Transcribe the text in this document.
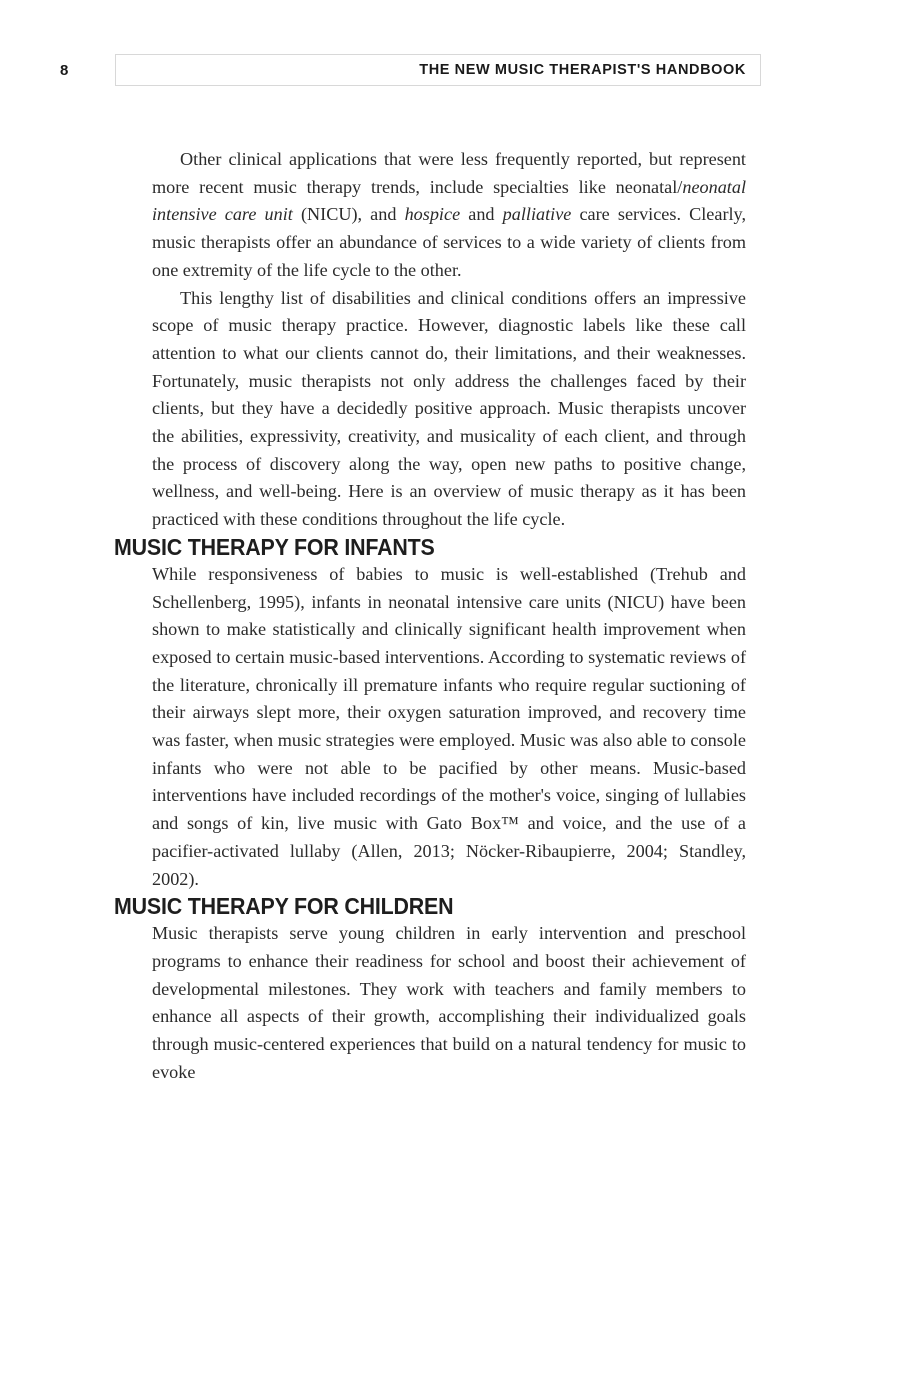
8	THE NEW MUSIC THERAPIST'S HANDBOOK

Other clinical applications that were less frequently reported, but represent more recent music therapy trends, include specialties like neonatal/neonatal intensive care unit (NICU), and hospice and palliative care services. Clearly, music therapists offer an abundance of services to a wide variety of clients from one extremity of the life cycle to the other.

This lengthy list of disabilities and clinical conditions offers an impressive scope of music therapy practice. However, diagnostic labels like these call attention to what our clients cannot do, their limitations, and their weaknesses. Fortunately, music therapists not only address the challenges faced by their clients, but they have a decidedly positive approach. Music therapists uncover the abilities, expressivity, creativity, and musicality of each client, and through the process of discovery along the way, open new paths to positive change, wellness, and well-being. Here is an overview of music therapy as it has been practiced with these conditions throughout the life cycle.

MUSIC THERAPY FOR INFANTS

While responsiveness of babies to music is well-established (Trehub and Schellenberg, 1995), infants in neonatal intensive care units (NICU) have been shown to make statistically and clinically significant health improvement when exposed to certain music-based interventions. According to systematic reviews of the literature, chronically ill premature infants who require regular suctioning of their airways slept more, their oxygen saturation improved, and recovery time was faster, when music strategies were employed. Music was also able to console infants who were not able to be pacified by other means. Music-based interventions have included recordings of the mother's voice, singing of lullabies and songs of kin, live music with Gato Box™ and voice, and the use of a pacifier-activated lullaby (Allen, 2013; Nöcker-Ribaupierre, 2004; Standley, 2002).

MUSIC THERAPY FOR CHILDREN

Music therapists serve young children in early intervention and preschool programs to enhance their readiness for school and boost their achievement of developmental milestones. They work with teachers and family members to enhance all aspects of their growth, accomplishing their individualized goals through music-centered experiences that build on a natural tendency for music to evoke
